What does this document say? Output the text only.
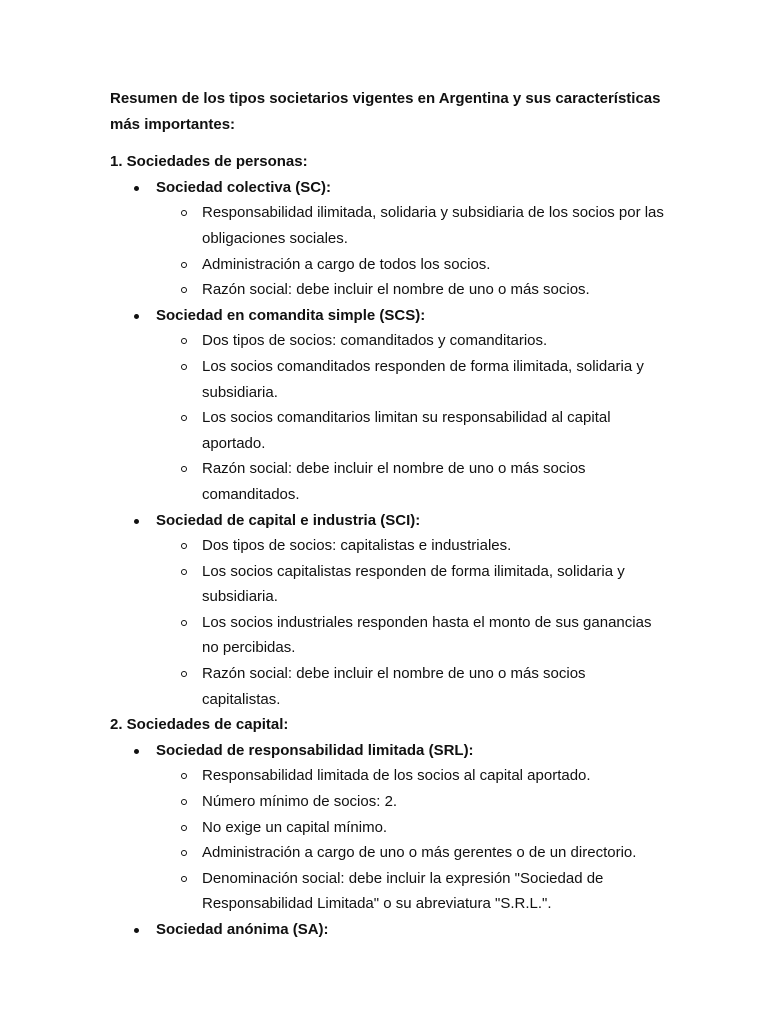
Resumen de los tipos societarios vigentes en Argentina y sus características más importantes:
1. Sociedades de personas:
Sociedad colectiva (SC):
Responsabilidad ilimitada, solidaria y subsidiaria de los socios por las obligaciones sociales.
Administración a cargo de todos los socios.
Razón social: debe incluir el nombre de uno o más socios.
Sociedad en comandita simple (SCS):
Dos tipos de socios: comanditados y comanditarios.
Los socios comanditados responden de forma ilimitada, solidaria y subsidiaria.
Los socios comanditarios limitan su responsabilidad al capital aportado.
Razón social: debe incluir el nombre de uno o más socios comanditados.
Sociedad de capital e industria (SCI):
Dos tipos de socios: capitalistas e industriales.
Los socios capitalistas responden de forma ilimitada, solidaria y subsidiaria.
Los socios industriales responden hasta el monto de sus ganancias no percibidas.
Razón social: debe incluir el nombre de uno o más socios capitalistas.
2. Sociedades de capital:
Sociedad de responsabilidad limitada (SRL):
Responsabilidad limitada de los socios al capital aportado.
Número mínimo de socios: 2.
No exige un capital mínimo.
Administración a cargo de uno o más gerentes o de un directorio.
Denominación social: debe incluir la expresión "Sociedad de Responsabilidad Limitada" o su abreviatura "S.R.L.".
Sociedad anónima (SA):
